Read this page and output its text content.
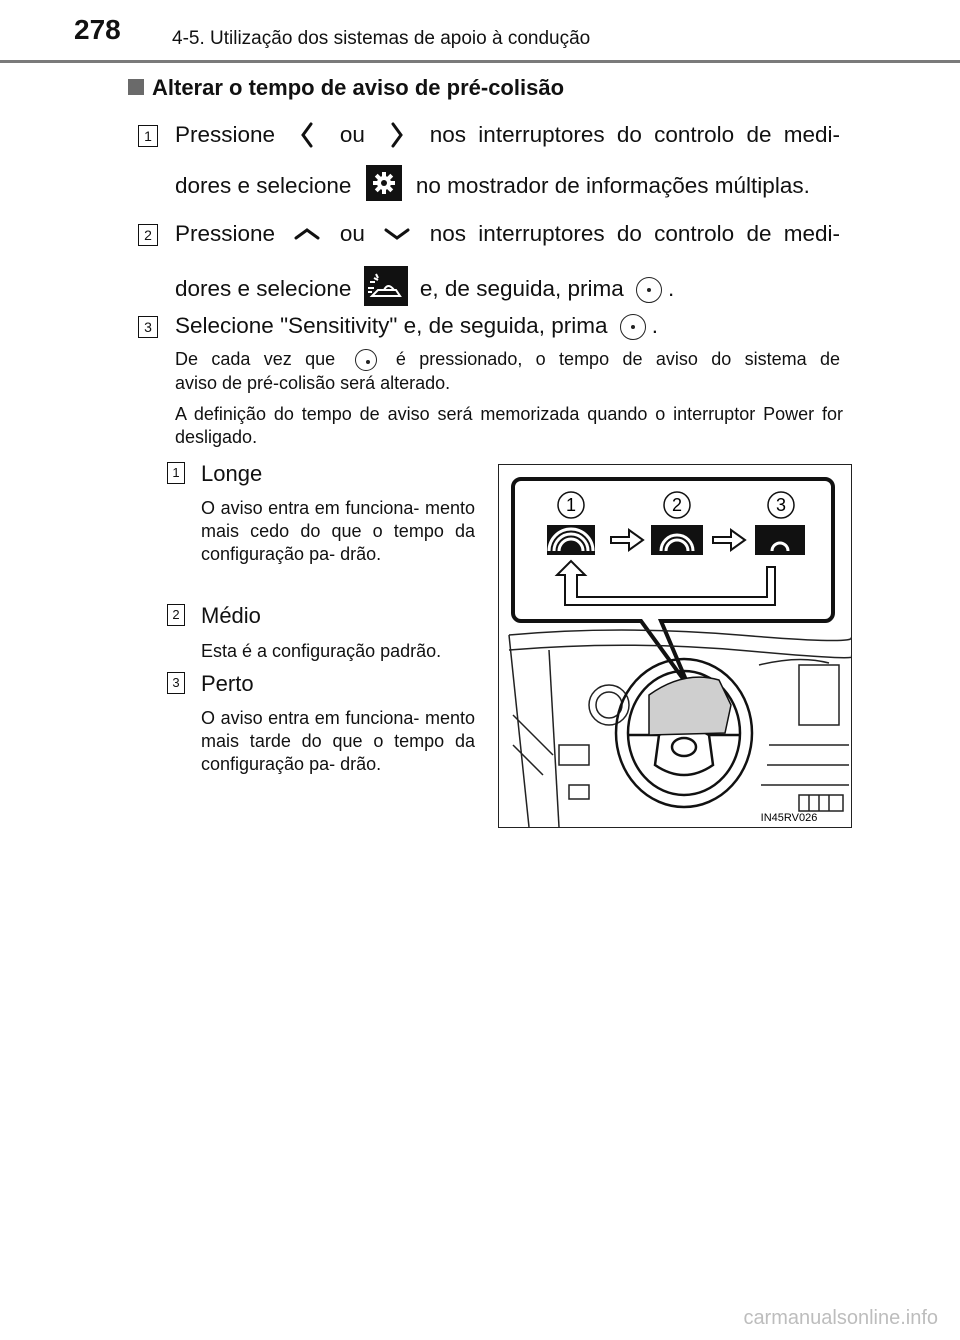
278	4-5. Utilização dos sistemas de apoio à condução
Alterar o tempo de aviso de pré-colisão
1 Pressione	ou	nos interruptores do controlo de medi-
dores e selecione	no mostrador de informações múltiplas.
2 Pressione	ou	nos interruptores do controlo de medi-
dores e selecione	e, de seguida, prima .
3 Selecione "Sensitivity" e, de seguida, prima .
De cada vez que	é pressionado, o tempo de aviso do sistema de
aviso de pré-colisão será alterado.
A definição do tempo de aviso será memorizada quando o interruptor Power for desligado.
1 Longe
O aviso entra em funciona- mento mais cedo do que o tempo da configuração pa- drão.
2 Médio
Esta é a configuração padrão.
3 Perto
O aviso entra em funciona- mento mais tarde do que o tempo da configuração pa- drão.
1	2	3
IN45RV026
carmanualsonline.info
